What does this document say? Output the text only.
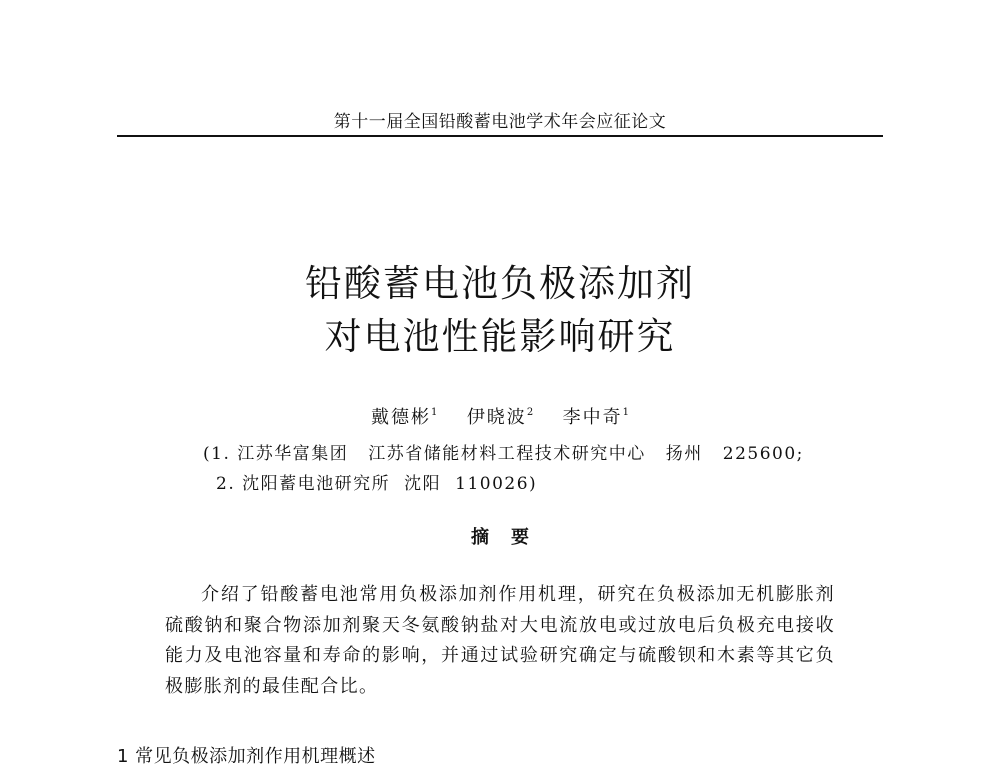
第十一届全国铅酸蓄电池学术年会应征论文
铅酸蓄电池负极添加剂
对电池性能影响研究
戴德彬$^1$ 伊晓波$^2$ 李中奇$^1$
(1. 江苏华富集团 江苏省储能材料工程技术研究中心 扬州 225600;
2. 沈阳蓄电池研究所 沈阳 110026)
摘要

介绍了铅酸蓄电池常用负极添加剂作用机理，研究在负极添加无机膨胀剂硫酸钠和聚合物添加剂聚天冬氨酸钠盐对大电流放电或过放电后负极充电接收能力及电池容量和寿命的影响，并通过试验研究确定与硫酸钡和木素等其它负极膨胀剂的最佳配合比。

1 常见负极添加剂作用机理概述
